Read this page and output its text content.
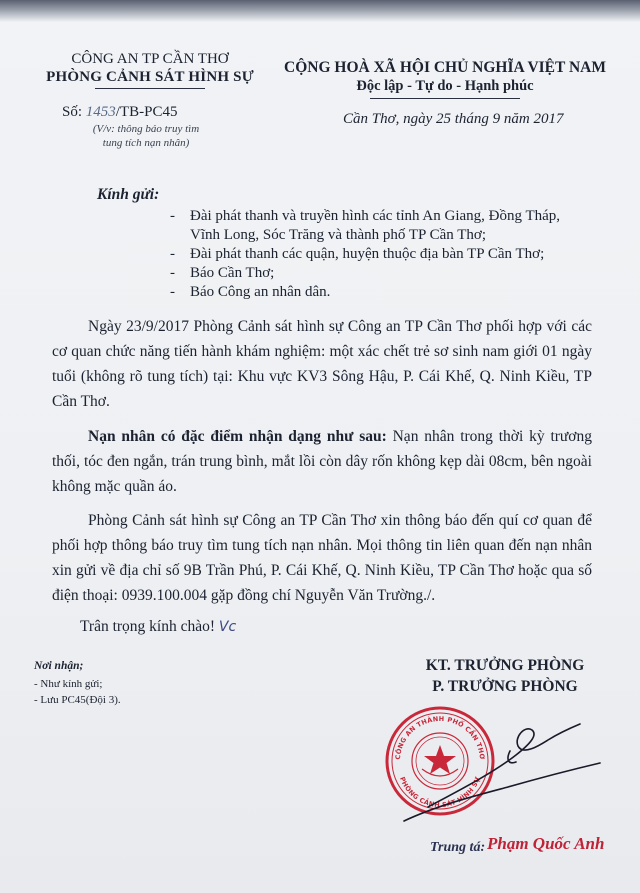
CÔNG AN TP CẦN THƠ
PHÒNG CẢNH SÁT HÌNH SỰ
Số: 1453/TB-PC45
(V/v: thông báo truy tìm
tung tích nạn nhân)
CỘNG HOÀ XÃ HỘI CHỦ NGHĨA VIỆT NAM
Độc lập - Tự do - Hạnh phúc
Cần Thơ, ngày 25 tháng 9 năm 2017
Kính gửi:
- Đài phát thanh và truyền hình các tỉnh An Giang, Đồng Tháp, Vĩnh Long, Sóc Trăng và thành phố TP Cần Thơ;
- Đài phát thanh các quận, huyện thuộc địa bàn TP Cần Thơ;
- Báo Cần Thơ;
- Báo Công an nhân dân.
Ngày 23/9/2017 Phòng Cảnh sát hình sự Công an TP Cần Thơ phối hợp với các cơ quan chức năng tiến hành khám nghiệm: một xác chết trẻ sơ sinh nam giới 01 ngày tuổi (không rõ tung tích) tại: Khu vực KV3 Sông Hậu, P. Cái Khế, Q. Ninh Kiều, TP Cần Thơ.
Nạn nhân có đặc điểm nhận dạng như sau: Nạn nhân trong thời kỳ trương thối, tóc đen ngắn, trán trung bình, mắt lồi còn dây rốn không kẹp dài 08cm, bên ngoài không mặc quần áo.
Phòng Cảnh sát hình sự Công an TP Cần Thơ xin thông báo đến quí cơ quan để phối hợp thông báo truy tìm tung tích nạn nhân. Mọi thông tin liên quan đến nạn nhân xin gửi về địa chỉ số 9B Trần Phú, P. Cái Khế, Q. Ninh Kiều, TP Cần Thơ hoặc qua số điện thoại: 0939.100.004 gặp đồng chí Nguyễn Văn Trường./.
Trân trọng kính chào! Vc
Nơi nhận;
- Như kính gửi;
- Lưu PC45(Đội 3).
KT. TRƯỞNG PHÒNG
P. TRƯỞNG PHÒNG
CÔNG AN THÀNH PHỐ CẦN THƠ
PHÒNG CẢNH SÁT HÌNH SỰ
Trung tá: Phạm Quốc Anh
